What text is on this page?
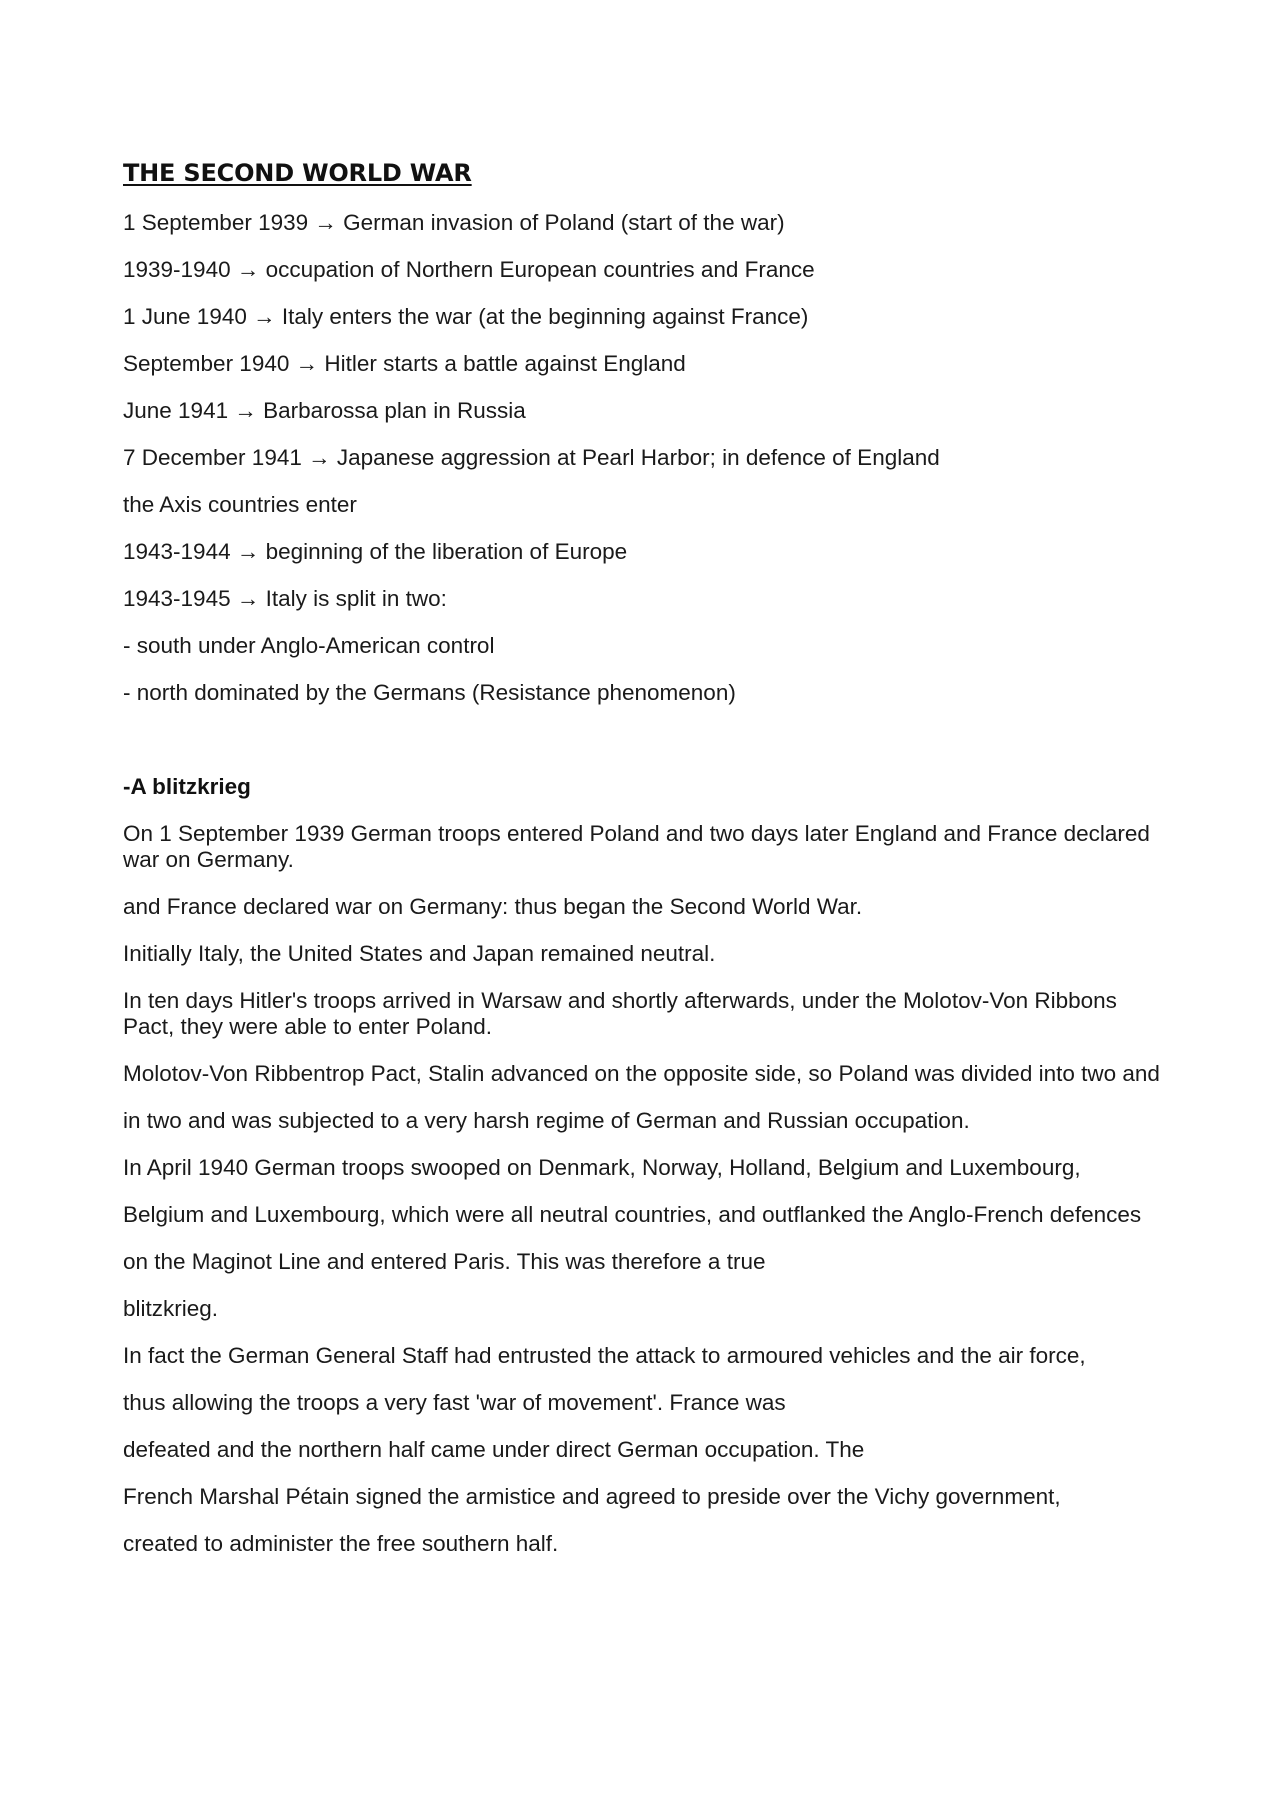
THE SECOND WORLD WAR

1 September 1939 → German invasion of Poland (start of the war)

1939-1940 → occupation of Northern European countries and France

1 June 1940 → Italy enters the war (at the beginning against France)

September 1940 → Hitler starts a battle against England

June 1941 → Barbarossa plan in Russia

7 December 1941 → Japanese aggression at Pearl Harbor; in defence of England

the Axis countries enter

1943-1944 → beginning of the liberation of Europe

1943-1945 → Italy is split in two:

- south under Anglo-American control

- north dominated by the Germans (Resistance phenomenon)

-A blitzkrieg

On 1 September 1939 German troops entered Poland and two days later England and France declared war on Germany.

and France declared war on Germany: thus began the Second World War.

Initially Italy, the United States and Japan remained neutral.

In ten days Hitler's troops arrived in Warsaw and shortly afterwards, under the Molotov-Von Ribbons Pact, they were able to enter Poland.

Molotov-Von Ribbentrop Pact, Stalin advanced on the opposite side, so Poland was divided into two and

in two and was subjected to a very harsh regime of German and Russian occupation.

In April 1940 German troops swooped on Denmark, Norway, Holland, Belgium and Luxembourg,

Belgium and Luxembourg, which were all neutral countries, and outflanked the Anglo-French defences

on the Maginot Line and entered Paris. This was therefore a true

blitzkrieg.

In fact the German General Staff had entrusted the attack to armoured vehicles and the air force,

thus allowing the troops a very fast 'war of movement'. France was

defeated and the northern half came under direct German occupation. The

French Marshal Pétain signed the armistice and agreed to preside over the Vichy government,

created to administer the free southern half.
